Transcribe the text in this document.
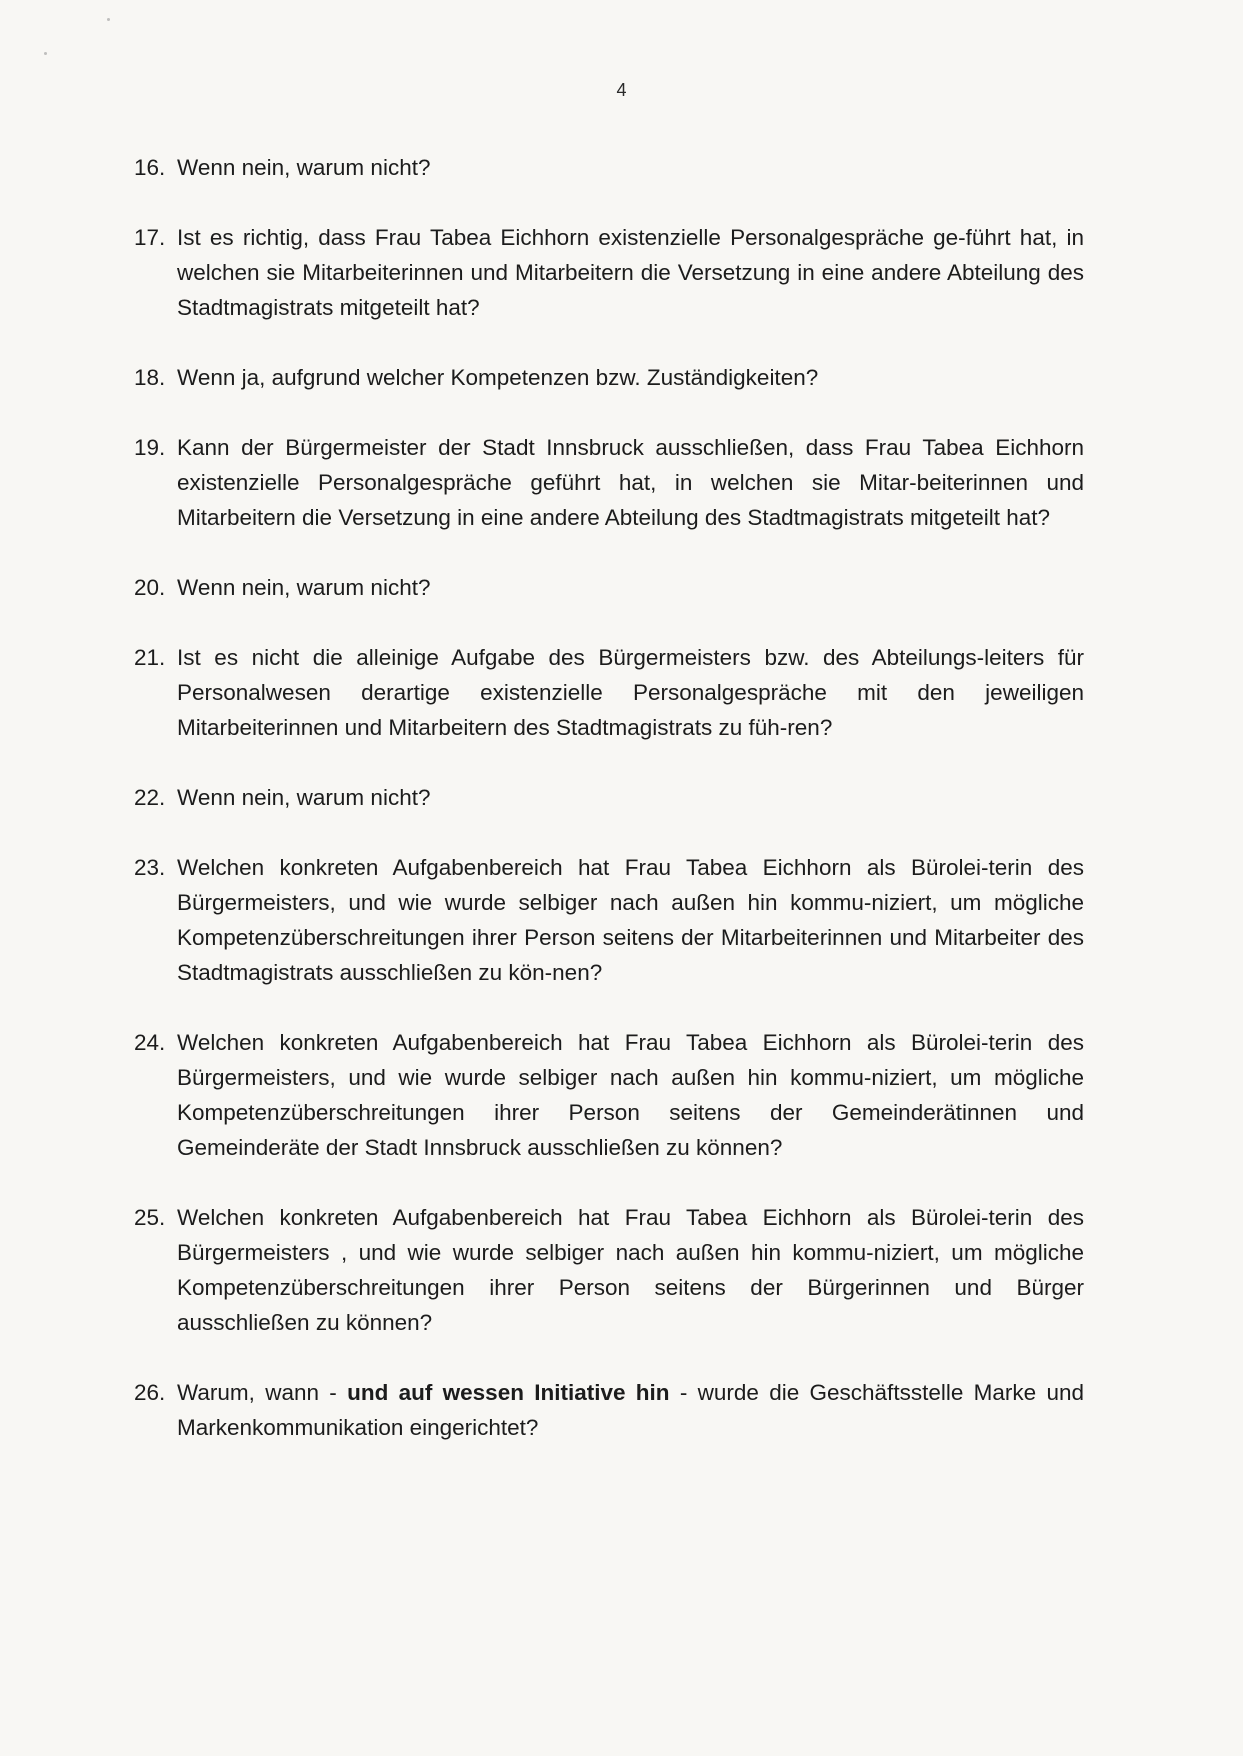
4
16. Wenn nein, warum nicht?
17. Ist es richtig, dass Frau Tabea Eichhorn existenzielle Personalgespräche ge-führt hat, in welchen sie Mitarbeiterinnen und Mitarbeitern die Versetzung in eine andere Abteilung des Stadtmagistrats mitgeteilt hat?
18. Wenn ja, aufgrund welcher Kompetenzen bzw. Zuständigkeiten?
19. Kann der Bürgermeister der Stadt Innsbruck ausschließen, dass Frau Tabea Eichhorn existenzielle Personalgespräche geführt hat, in welchen sie Mitar-beiterinnen und Mitarbeitern die Versetzung in eine andere Abteilung des Stadtmagistrats mitgeteilt hat?
20. Wenn nein, warum nicht?
21. Ist es nicht die alleinige Aufgabe des Bürgermeisters bzw. des Abteilungs-leiters für Personalwesen derartige existenzielle Personalgespräche mit den jeweiligen Mitarbeiterinnen und Mitarbeitern des Stadtmagistrats zu füh-ren?
22. Wenn nein, warum nicht?
23. Welchen konkreten Aufgabenbereich hat Frau Tabea Eichhorn als Bürolei-terin des Bürgermeisters, und wie wurde selbiger nach außen hin kommu-niziert, um mögliche Kompetenzüberschreitungen ihrer Person seitens der Mitarbeiterinnen und Mitarbeiter des Stadtmagistrats ausschließen zu kön-nen?
24. Welchen konkreten Aufgabenbereich hat Frau Tabea Eichhorn als Bürolei-terin des Bürgermeisters, und wie wurde selbiger nach außen hin kommu-niziert, um mögliche Kompetenzüberschreitungen ihrer Person seitens der Gemeinderätinnen und Gemeinderäte der Stadt Innsbruck ausschließen zu können?
25. Welchen konkreten Aufgabenbereich hat Frau Tabea Eichhorn als Bürolei-terin des Bürgermeisters , und wie wurde selbiger nach außen hin kommu-niziert, um mögliche Kompetenzüberschreitungen ihrer Person seitens der Bürgerinnen und Bürger ausschließen zu können?
26. Warum, wann - und auf wessen Initiative hin - wurde die Geschäftsstelle Marke und Markenkommunikation eingerichtet?
